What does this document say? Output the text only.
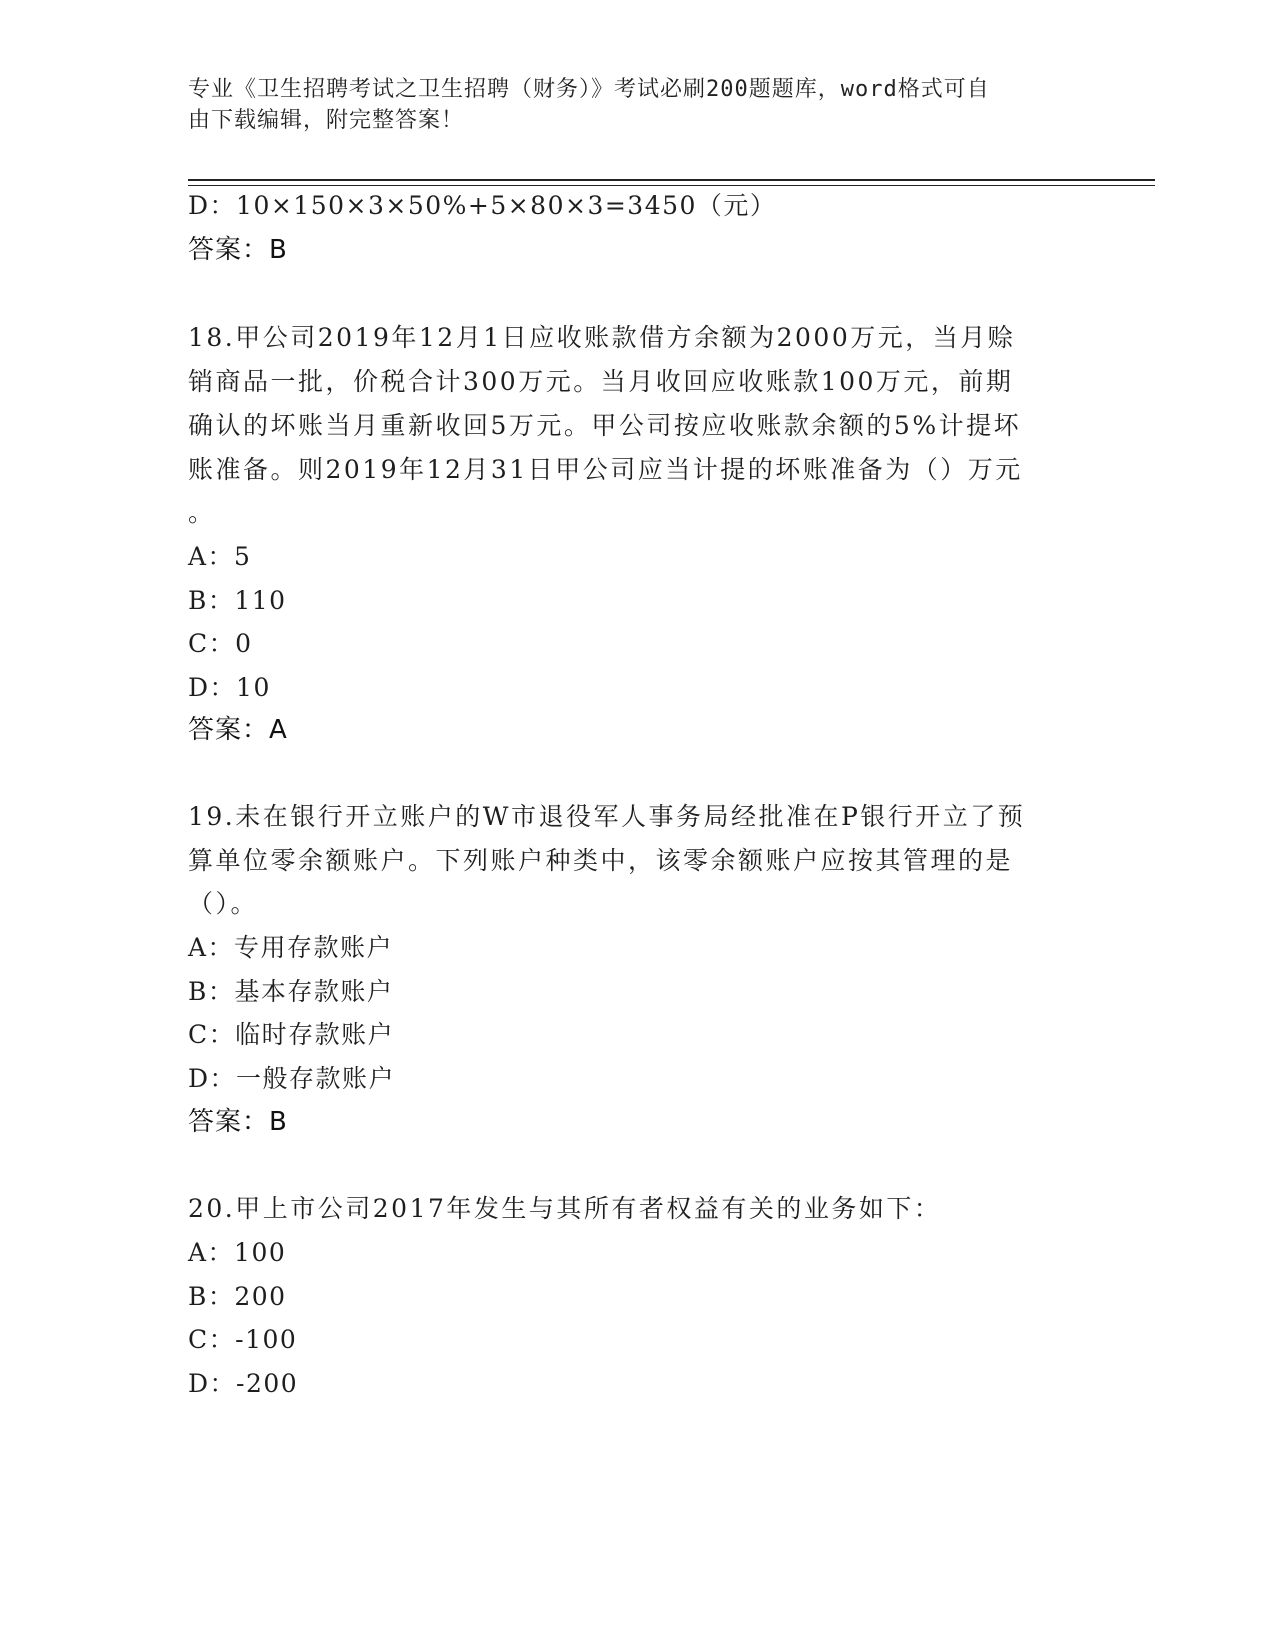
专业《卫生招聘考试之卫生招聘（财务）》考试必刷200题题库，word格式可自
由下载编辑，附完整答案！
D：10×150×3×50%+5×80×3=3450（元）
答案：B
18.甲公司2019年12月1日应收账款借方余额为2000万元，当月赊
销商品一批，价税合计300万元。当月收回应收账款100万元，前期
确认的坏账当月重新收回5万元。甲公司按应收账款余额的5%计提坏
账准备。则2019年12月31日甲公司应当计提的坏账准备为（）万元
。
A：5
B：110
C：0
D：10
答案：A
19.未在银行开立账户的W市退役军人事务局经批准在P银行开立了预
算单位零余额账户。下列账户种类中，该零余额账户应按其管理的是
（）。
A：专用存款账户
B：基本存款账户
C：临时存款账户
D：一般存款账户
答案：B
20.甲上市公司2017年发生与其所有者权益有关的业务如下：
A：100
B：200
C：-100
D：-200
